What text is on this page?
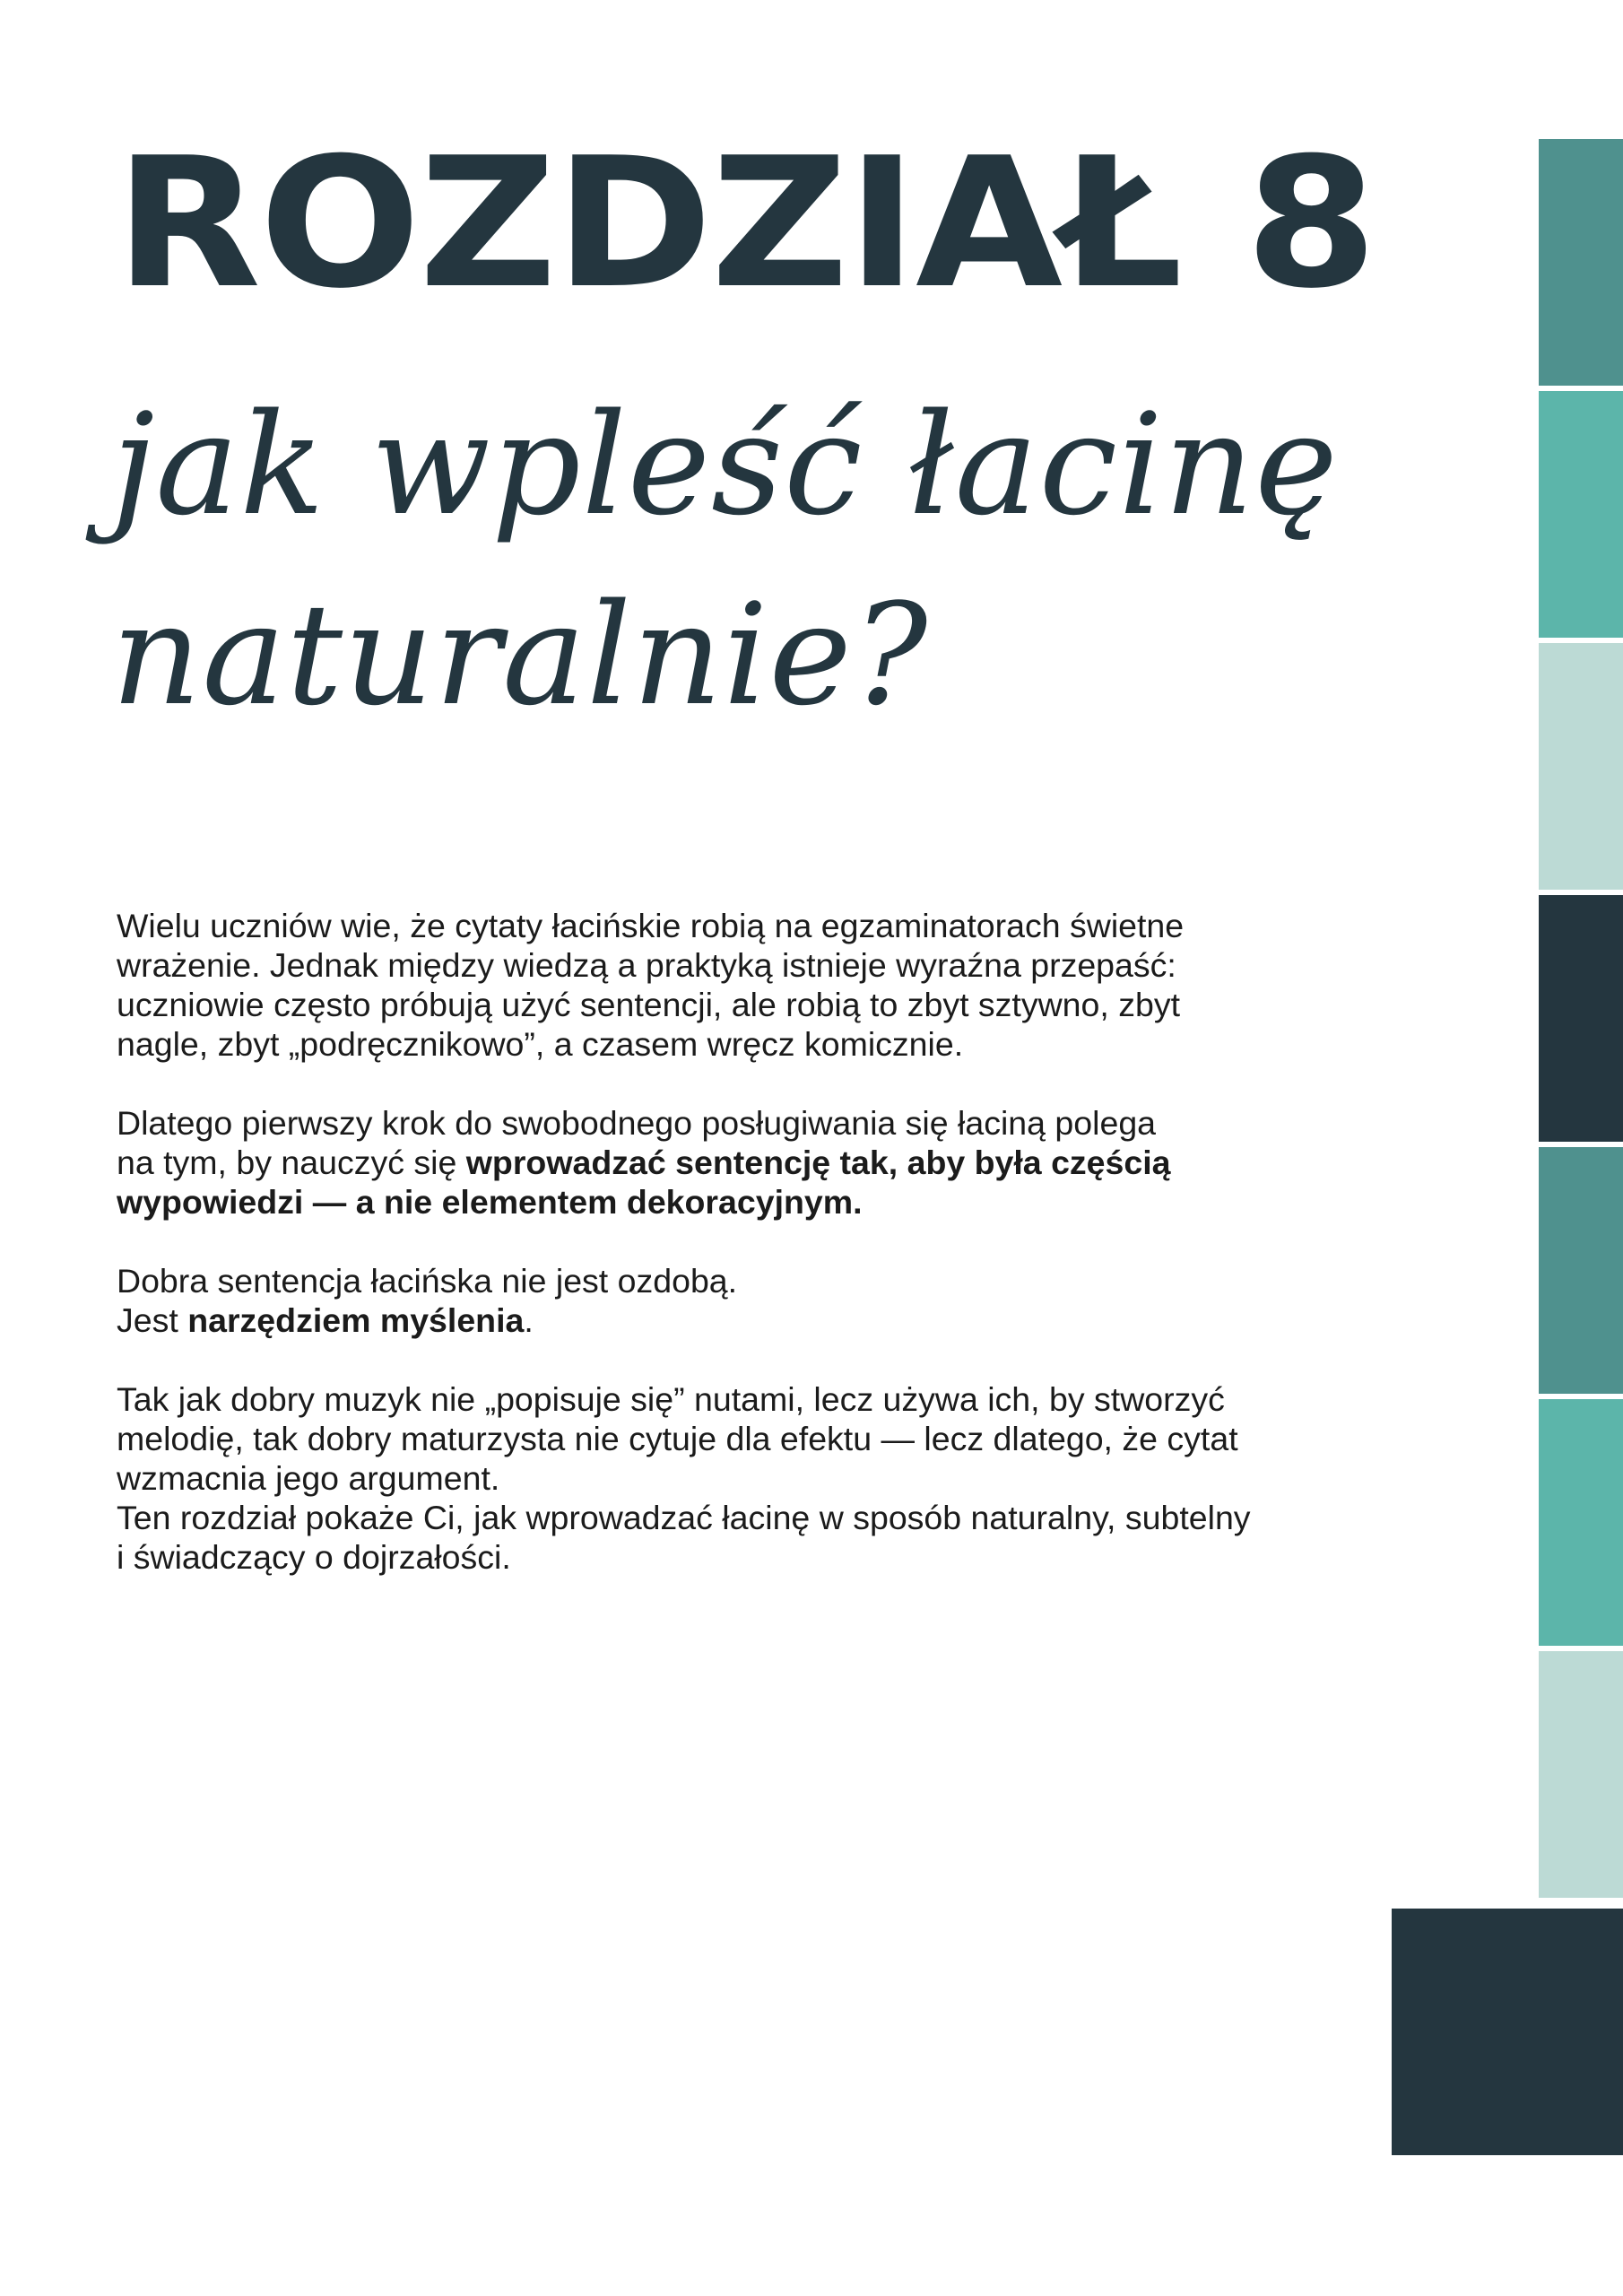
ROZDZIAŁ 8
jak wpleść łacinę
naturalnie?

Wielu uczniów wie, że cytaty łacińskie robią na egzaminatorach świetne
wrażenie. Jednak między wiedzą a praktyką istnieje wyraźna przepaść:
uczniowie często próbują użyć sentencji, ale robią to zbyt sztywno, zbyt
nagle, zbyt „podręcznikowo”, a czasem wręcz komicznie.

Dlatego pierwszy krok do swobodnego posługiwania się łaciną polega
na tym, by nauczyć się wprowadzać sentencję tak, aby była częścią
wypowiedzi — a nie elementem dekoracyjnym.

Dobra sentencja łacińska nie jest ozdobą.
Jest narzędziem myślenia.

Tak jak dobry muzyk nie „popisuje się” nutami, lecz używa ich, by stworzyć
melodię, tak dobry maturzysta nie cytuje dla efektu — lecz dlatego, że cytat
wzmacnia jego argument.
Ten rozdział pokaże Ci, jak wprowadzać łacinę w sposób naturalny, subtelny
i świadczący o dojrzałości.
